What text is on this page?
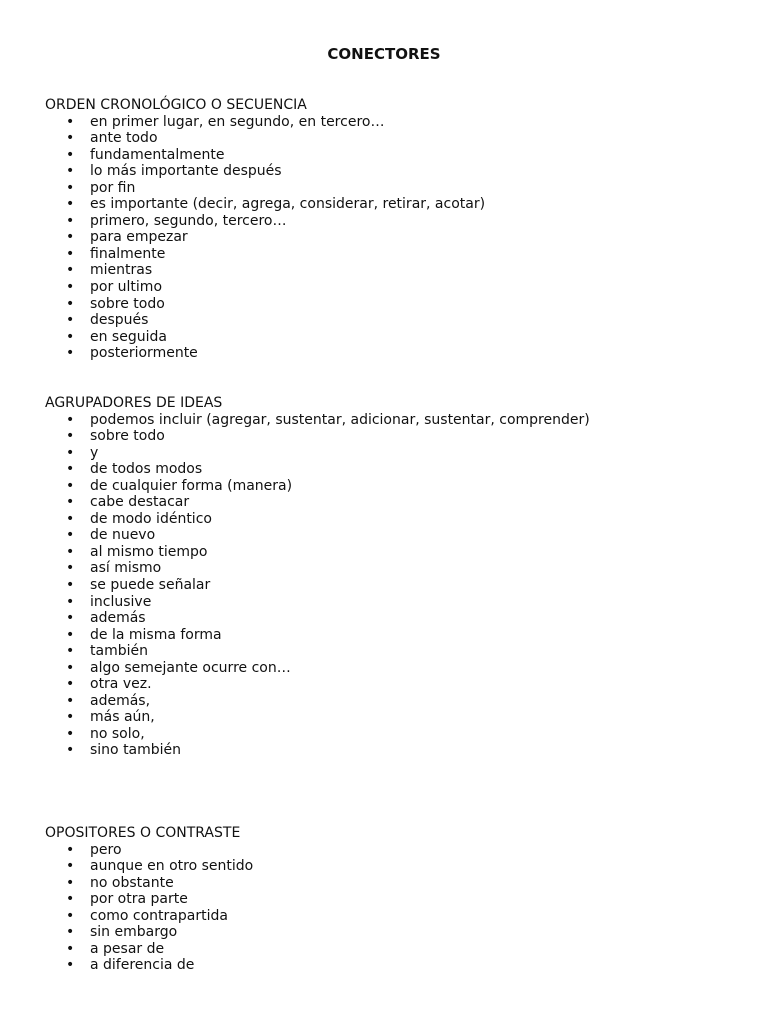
CONECTORES
ORDEN CRONOLÓGICO O SECUENCIA
• en primer lugar, en segundo, en tercero…
• ante todo
• fundamentalmente
• lo más importante después
• por fin
• es importante (decir, agrega, considerar, retirar, acotar)
• primero, segundo, tercero…
• para empezar
• finalmente
• mientras
• por ultimo
• sobre todo
• después
• en seguida
• posteriormente
AGRUPADORES DE IDEAS
• podemos incluir (agregar, sustentar, adicionar, sustentar, comprender)
• sobre todo
• y
• de todos modos
• de cualquier forma (manera)
• cabe destacar
• de modo idéntico
• de nuevo
• al mismo tiempo
• así mismo
• se puede señalar
• inclusive
• además
• de la misma forma
• también
• algo semejante ocurre con…
• otra vez.
• además,
• más aún,
• no solo,
• sino también
OPOSITORES O CONTRASTE
• pero
• aunque en otro sentido
• no obstante
• por otra parte
• como contrapartida
• sin embargo
• a pesar de
• a diferencia de
